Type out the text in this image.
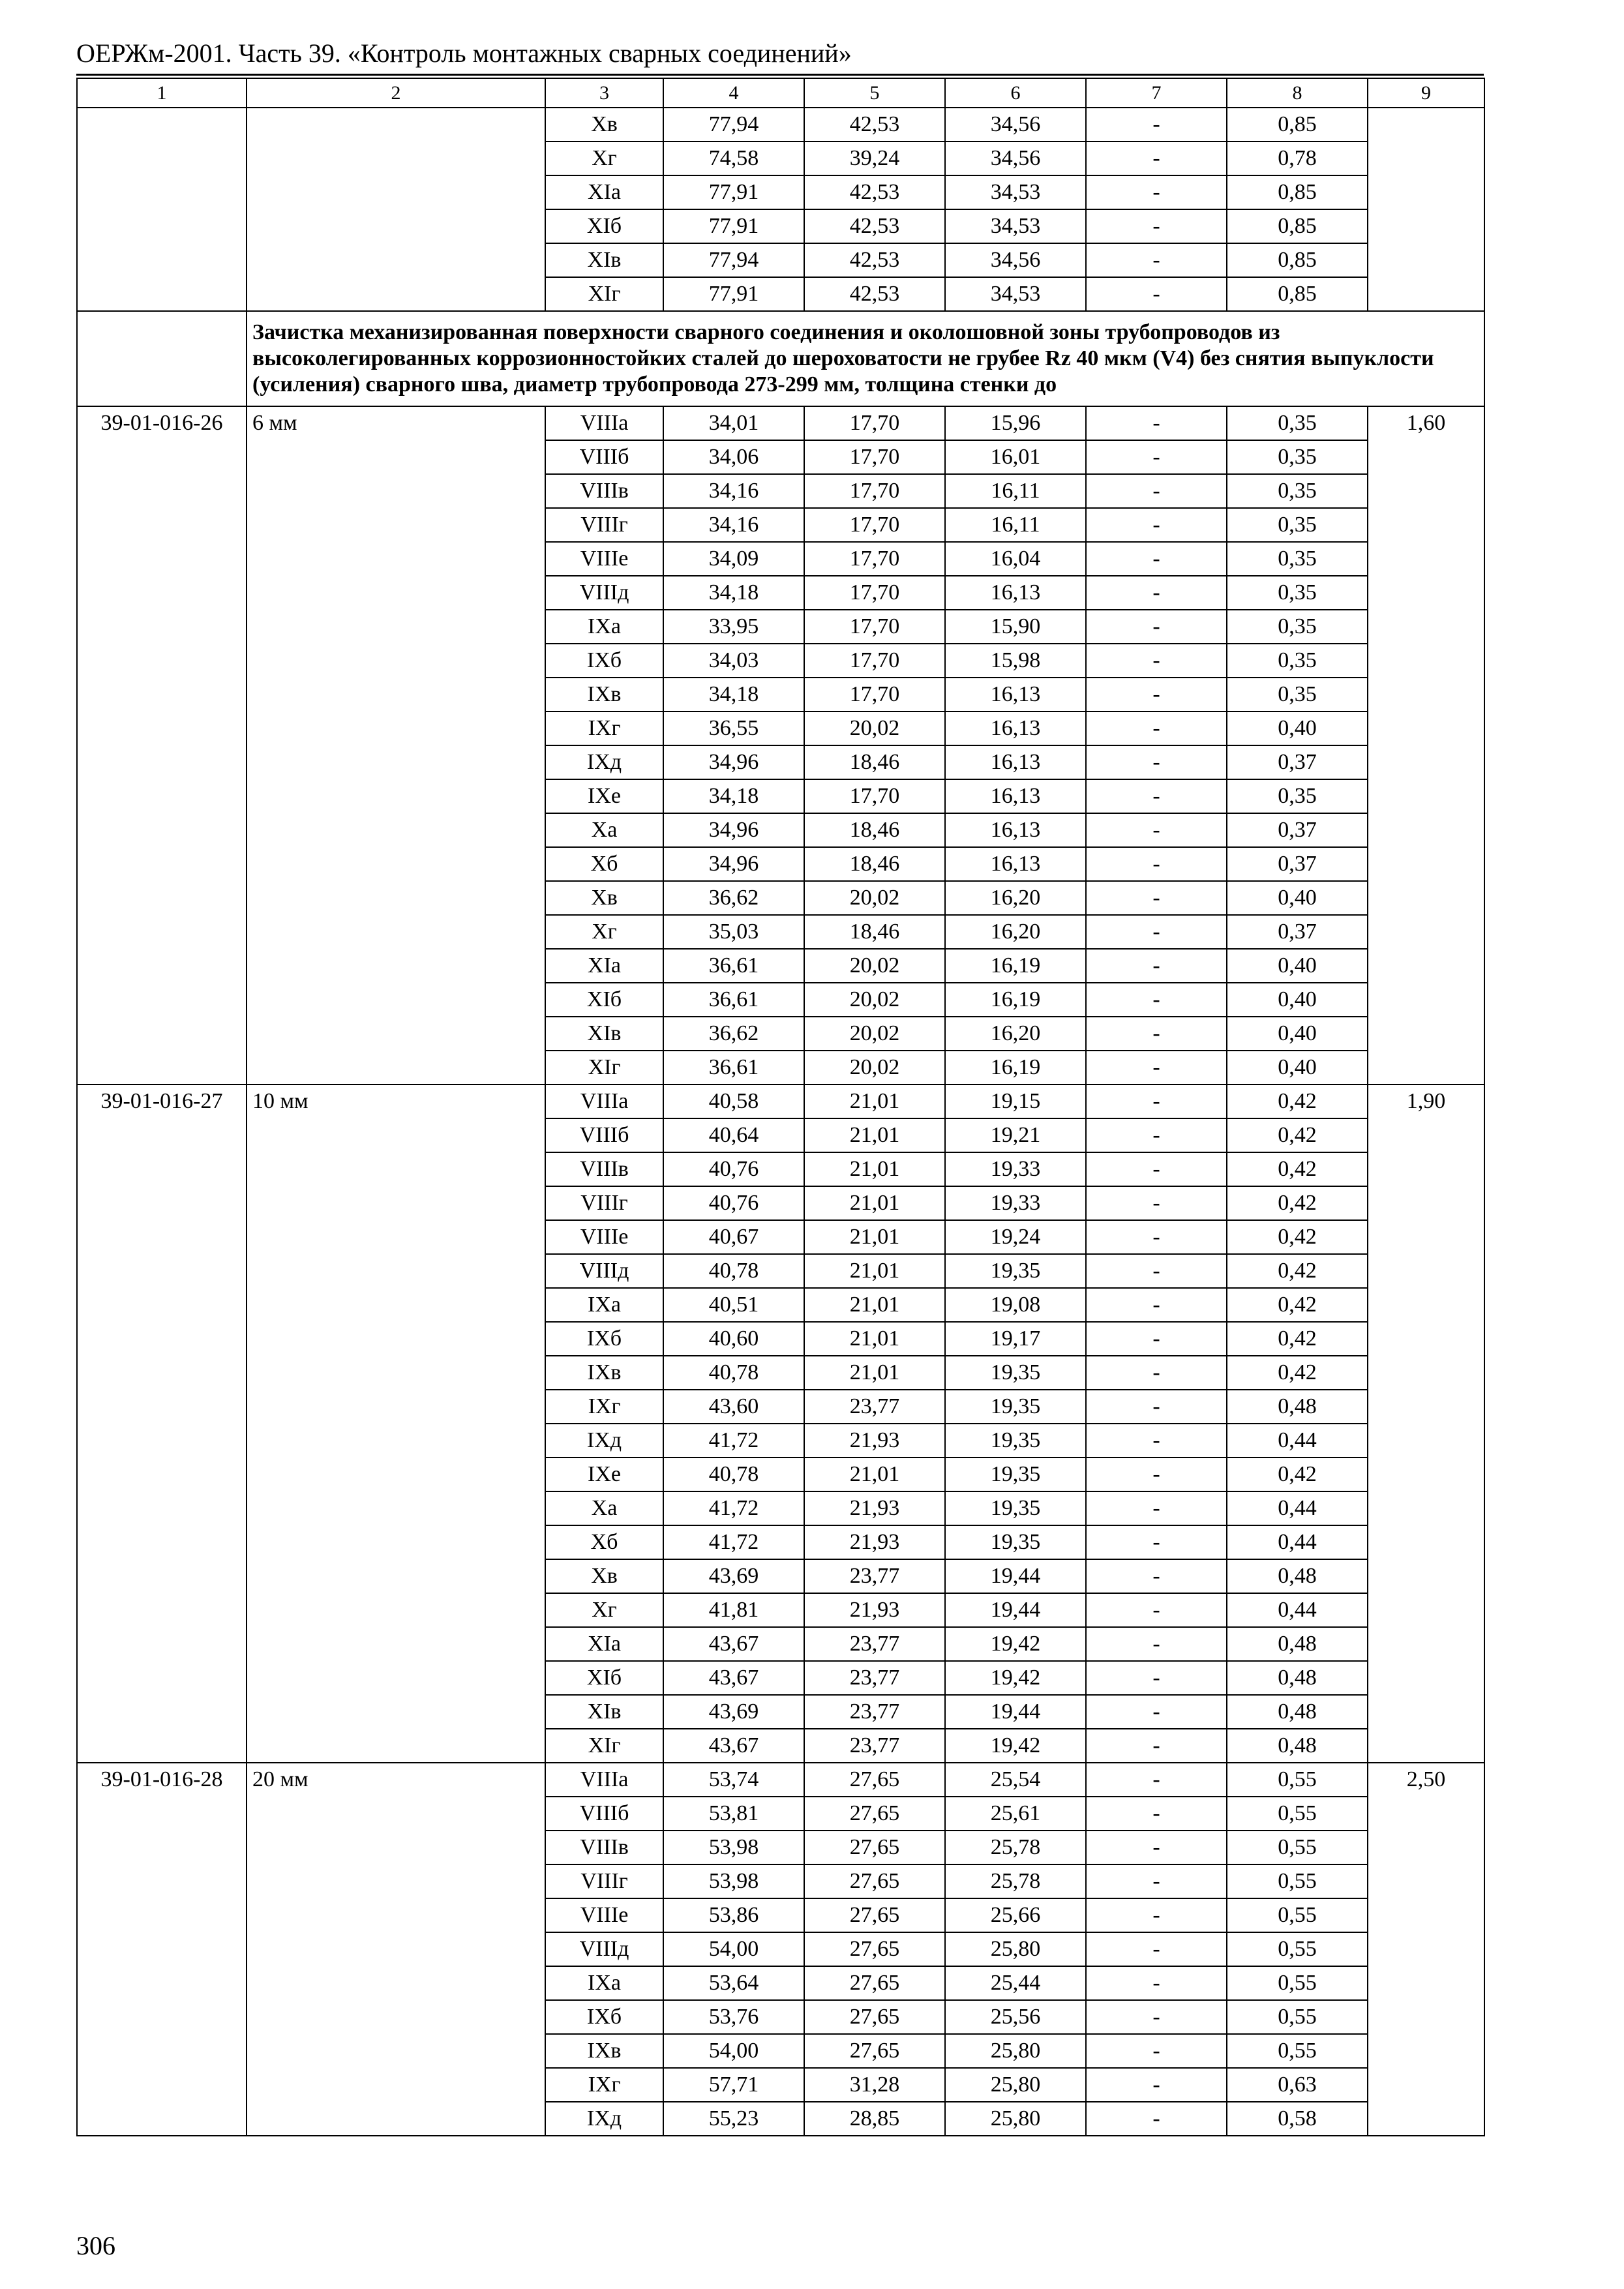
ОЕРЖм-2001. Часть 39. «Контроль монтажных сварных соединений»
1	2	3	4	5	6	7	8	9
		Xв	77,94	42,53	34,56	-	0,85	
		Xг	74,58	39,24	34,56	-	0,78	
		XIа	77,91	42,53	34,53	-	0,85	
		XIб	77,91	42,53	34,53	-	0,85	
		XIв	77,94	42,53	34,56	-	0,85	
		XIг	77,91	42,53	34,53	-	0,85	
	Зачистка механизированная поверхности сварного соединения и околошовной зоны трубопроводов из высоколегированных коррозионностойких сталей до шероховатости не грубее Rz 40 мкм (V4) без снятия выпуклости (усиления) сварного шва, диаметр трубопровода 273-299 мм, толщина стенки до							
39-01-016-26	6 мм	VIIIа	34,01	17,70	15,96	-	0,35	1,60
		VIIIб	34,06	17,70	16,01	-	0,35	
		VIIIв	34,16	17,70	16,11	-	0,35	
		VIIIг	34,16	17,70	16,11	-	0,35	
		VIIIе	34,09	17,70	16,04	-	0,35	
		VIIIд	34,18	17,70	16,13	-	0,35	
		IXа	33,95	17,70	15,90	-	0,35	
		IXб	34,03	17,70	15,98	-	0,35	
		IXв	34,18	17,70	16,13	-	0,35	
		IXг	36,55	20,02	16,13	-	0,40	
		IXд	34,96	18,46	16,13	-	0,37	
		IXе	34,18	17,70	16,13	-	0,35	
		Xа	34,96	18,46	16,13	-	0,37	
		Xб	34,96	18,46	16,13	-	0,37	
		Xв	36,62	20,02	16,20	-	0,40	
		Xг	35,03	18,46	16,20	-	0,37	
		XIа	36,61	20,02	16,19	-	0,40	
		XIб	36,61	20,02	16,19	-	0,40	
		XIв	36,62	20,02	16,20	-	0,40	
		XIг	36,61	20,02	16,19	-	0,40	
39-01-016-27	10 мм	VIIIа	40,58	21,01	19,15	-	0,42	1,90
		VIIIб	40,64	21,01	19,21	-	0,42	
		VIIIв	40,76	21,01	19,33	-	0,42	
		VIIIг	40,76	21,01	19,33	-	0,42	
		VIIIе	40,67	21,01	19,24	-	0,42	
		VIIIд	40,78	21,01	19,35	-	0,42	
		IXа	40,51	21,01	19,08	-	0,42	
		IXб	40,60	21,01	19,17	-	0,42	
		IXв	40,78	21,01	19,35	-	0,42	
		IXг	43,60	23,77	19,35	-	0,48	
		IXд	41,72	21,93	19,35	-	0,44	
		IXе	40,78	21,01	19,35	-	0,42	
		Xа	41,72	21,93	19,35	-	0,44	
		Xб	41,72	21,93	19,35	-	0,44	
		Xв	43,69	23,77	19,44	-	0,48	
		Xг	41,81	21,93	19,44	-	0,44	
		XIа	43,67	23,77	19,42	-	0,48	
		XIб	43,67	23,77	19,42	-	0,48	
		XIв	43,69	23,77	19,44	-	0,48	
		XIг	43,67	23,77	19,42	-	0,48	
39-01-016-28	20 мм	VIIIа	53,74	27,65	25,54	-	0,55	2,50
		VIIIб	53,81	27,65	25,61	-	0,55	
		VIIIв	53,98	27,65	25,78	-	0,55	
		VIIIг	53,98	27,65	25,78	-	0,55	
		VIIIе	53,86	27,65	25,66	-	0,55	
		VIIIд	54,00	27,65	25,80	-	0,55	
		IXа	53,64	27,65	25,44	-	0,55	
		IXб	53,76	27,65	25,56	-	0,55	
		IXв	54,00	27,65	25,80	-	0,55	
		IXг	57,71	31,28	25,80	-	0,63	
		IXд	55,23	28,85	25,80	-	0,58	
306
